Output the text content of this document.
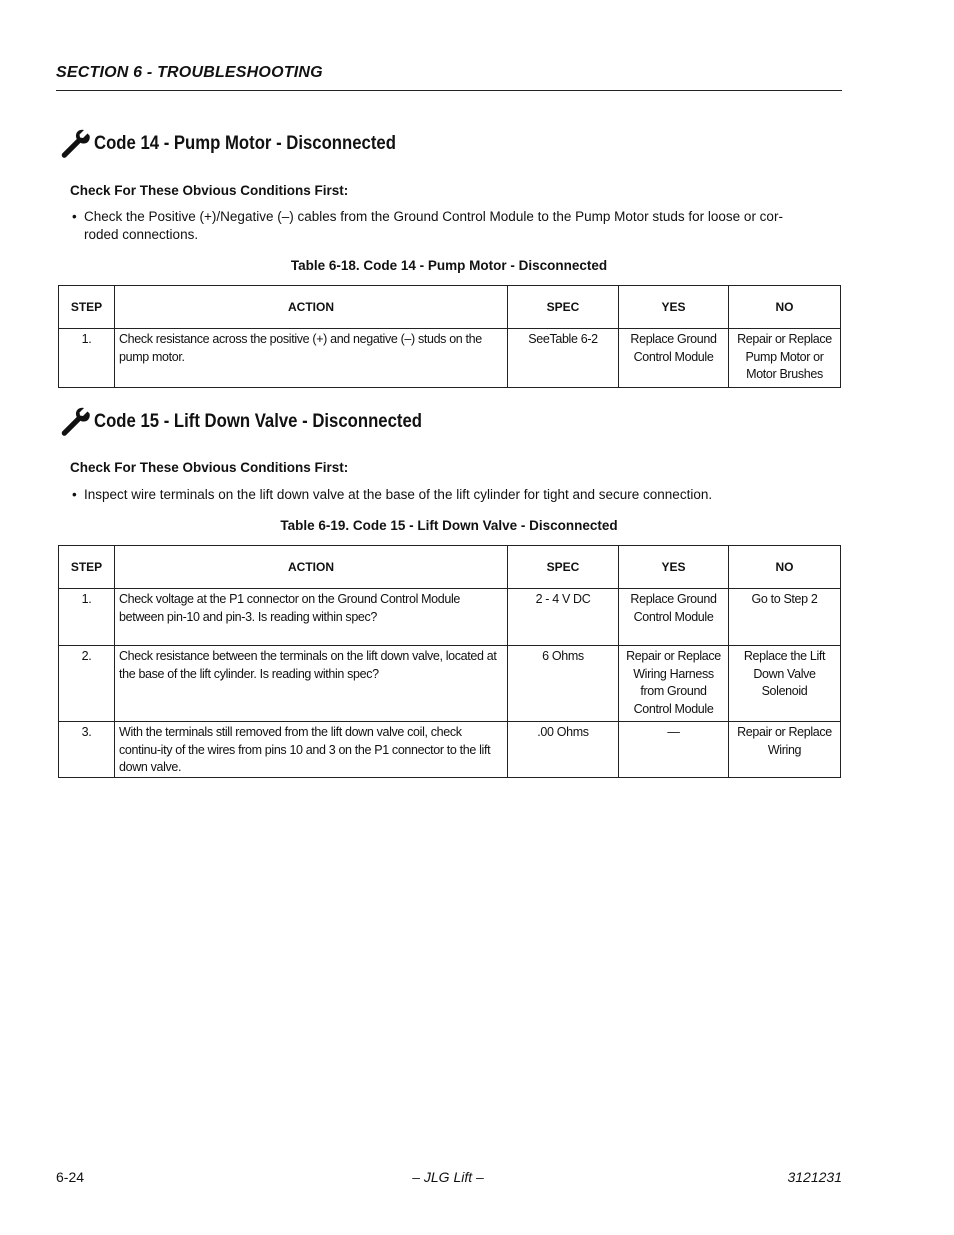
SECTION 6 - TROUBLESHOOTING
Code 14 - Pump Motor - Disconnected
Check For These Obvious Conditions First:
• Check the Positive (+)/Negative (–) cables from the Ground Control Module to the Pump Motor studs for loose or cor-
roded connections.
Table 6-18. Code 14 - Pump Motor - Disconnected
STEP	ACTION	SPEC	YES	NO
1.	Check resistance across the positive (+) and negative (–) studs on the pump motor.	SeeTable 6-2	Replace Ground Control Module	Repair or Replace Pump Motor or Motor Brushes
Code 15 - Lift Down Valve - Disconnected
Check For These Obvious Conditions First:
• Inspect wire terminals on the lift down valve at the base of the lift cylinder for tight and secure connection.
Table 6-19. Code 15 - Lift Down Valve - Disconnected
STEP	ACTION	SPEC	YES	NO
1.	Check voltage at the P1 connector on the Ground Control Module between pin-10 and pin-3. Is reading within spec?	2 - 4 V DC	Replace Ground Control Module	Go to Step 2
2.	Check resistance between the terminals on the lift down valve, located at the base of the lift cylinder. Is reading within spec?	6 Ohms	Repair or Replace Wiring Harness from Ground Control Module	Replace the Lift Down Valve Solenoid
3.	With the terminals still removed from the lift down valve coil, check continu-ity of the wires from pins 10 and 3 on the P1 connector to the lift down valve.	.00 Ohms	—	Repair or Replace Wiring
6-24	– JLG Lift –	3121231
